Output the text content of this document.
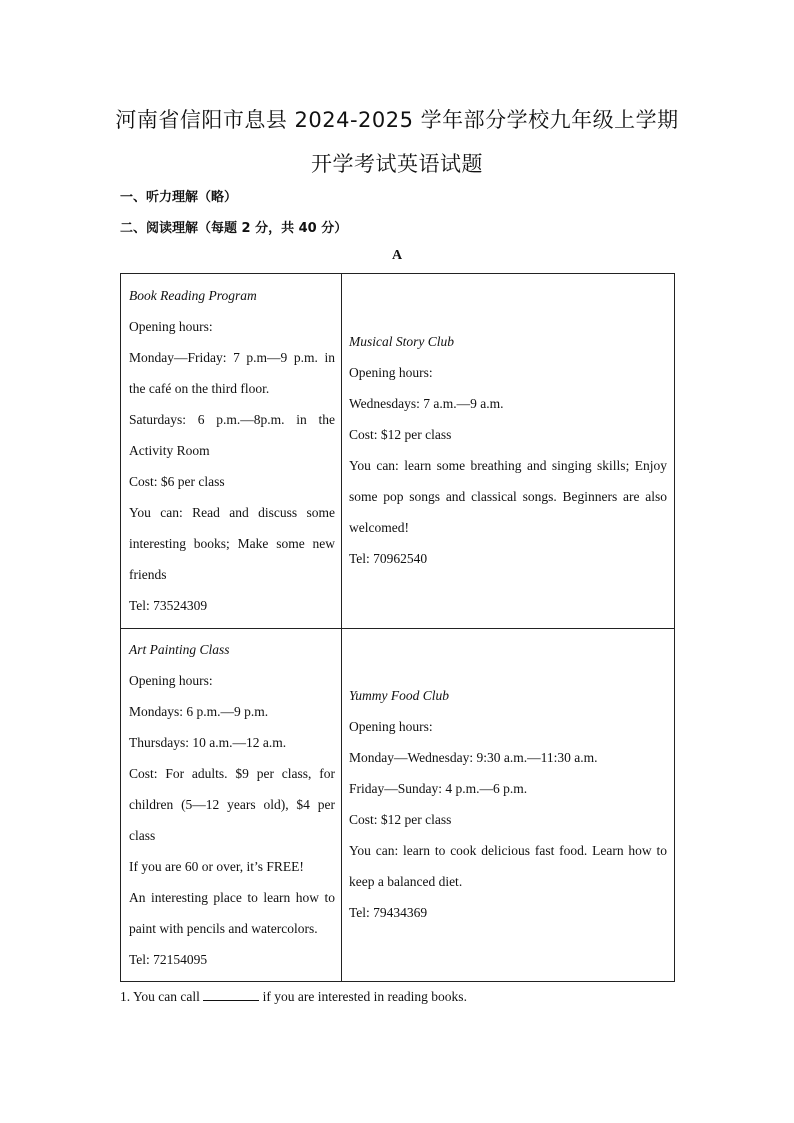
河南省信阳市息县 2024-2025 学年部分学校九年级上学期
开学考试英语试题
一、听力理解（略）
二、阅读理解（每题 2 分，共 40 分）
A
Book Reading Program
Opening hours:
Monday—Friday: 7 p.m—9 p.m. in
the café on the third floor.
Saturdays: 6 p.m.—8p.m. in the
Activity Room
Cost: $6 per class
You can: Read and discuss some
interesting books; Make some new
friends
Tel: 73524309
Musical Story Club
Opening hours:
Wednesdays: 7 a.m.—9 a.m.
Cost: $12 per class
You can: learn some breathing and singing skills; Enjoy
some pop songs and classical songs. Beginners are also
welcomed!
Tel: 70962540
Art Painting Class
Opening hours:
Mondays: 6 p.m.—9 p.m.
Thursdays: 10 a.m.—12 a.m.
Cost: For adults. $9 per class, for
children (5—12 years old), $4 per
class
If you are 60 or over, it’s FREE!
An interesting place to learn how to
paint with pencils and watercolors.
Tel: 72154095
Yummy Food Club
Opening hours:
Monday—Wednesday: 9:30 a.m.—11:30 a.m.
Friday—Sunday: 4 p.m.—6 p.m.
Cost: $12 per class
You can: learn to cook delicious fast food. Learn how to
keep a balanced diet.
Tel: 79434369
1. You can call	if you are interested in reading books.
